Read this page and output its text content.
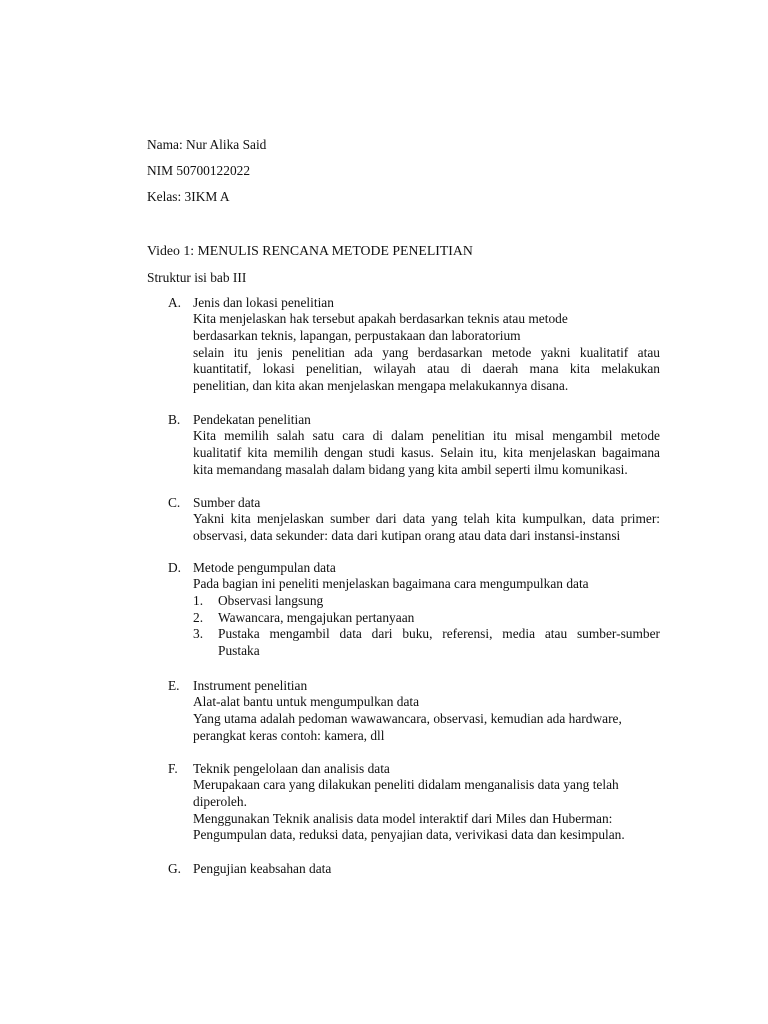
Nama: Nur Alika Said

NIM 50700122022

Kelas: 3IKM A

Video 1: MENULIS RENCANA METODE PENELITIAN

Struktur isi bab III

A. Jenis dan lokasi penelitian
Kita menjelaskan hak tersebut apakah berdasarkan teknis atau metode
berdasarkan teknis, lapangan, perpustakaan dan laboratorium
selain itu jenis penelitian ada yang berdasarkan metode yakni kualitatif atau
kuantitatif, lokasi penelitian, wilayah atau di daerah mana kita melakukan
penelitian, dan kita akan menjelaskan mengapa melakukannya disana.
B. Pendekatan penelitian
Kita memilih salah satu cara di dalam penelitian itu misal mengambil metode
kualitatif kita memilih dengan studi kasus. Selain itu, kita menjelaskan bagaimana
kita memandang masalah dalam bidang yang kita ambil seperti ilmu komunikasi.
C. Sumber data
Yakni kita menjelaskan sumber dari data yang telah kita kumpulkan, data primer:
observasi, data sekunder: data dari kutipan orang atau data dari instansi-instansi
D. Metode pengumpulan data
Pada bagian ini peneliti menjelaskan bagaimana cara mengumpulkan data
1.	Observasi langsung
2.	Wawancara, mengajukan pertanyaan
3.	Pustaka mengambil data dari buku, referensi, media atau sumber-sumber
Pustaka
E. Instrument penelitian
Alat-alat bantu untuk mengumpulkan data
Yang utama adalah pedoman wawawancara, observasi, kemudian ada hardware,
perangkat keras contoh: kamera, dll
F. Teknik pengelolaan dan analisis data
Merupakaan cara yang dilakukan peneliti didalam menganalisis data yang telah
diperoleh.
Menggunakan Teknik analisis data model interaktif dari Miles dan Huberman:
Pengumpulan data, reduksi data, penyajian data, verivikasi data dan kesimpulan.
G. Pengujian keabsahan data
